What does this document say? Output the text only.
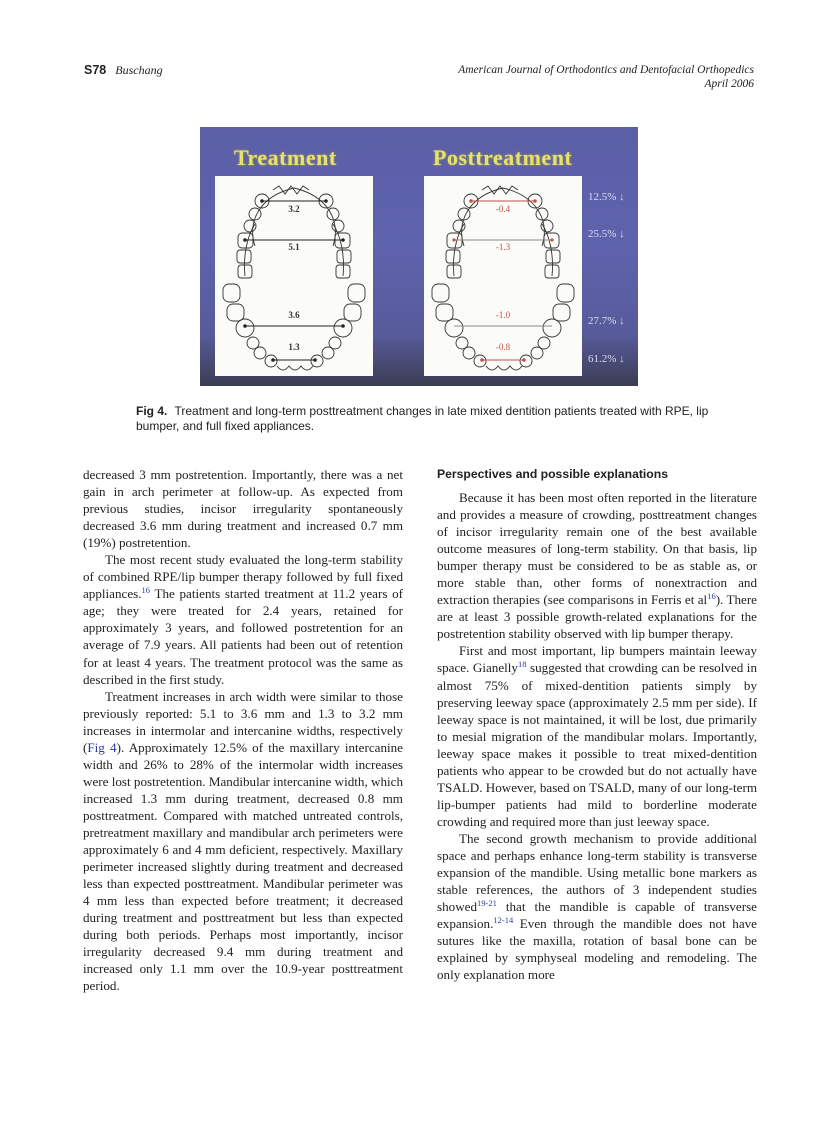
S78 Buschang	American Journal of Orthodontics and Dentofacial Orthopedics
April 2006
Treatment	Posttreatment
3.2
5.1
3.6
1.3
-0.4
-1.3
-1.0
-0.8
12.5% ↓
25.5% ↓
27.7% ↓
61.2% ↓
Fig 4. Treatment and long-term posttreatment changes in late mixed dentition patients treated with RPE, lip bumper, and full fixed appliances.

decreased 3 mm postretention. Importantly, there was a net gain in arch perimeter at follow-up. As expected from previous studies, incisor irregularity spontaneously decreased 3.6 mm during treatment and increased 0.7 mm (19%) postretention.

The most recent study evaluated the long-term stability of combined RPE/lip bumper therapy followed by full fixed appliances.$^{16}$ The patients started treatment at 11.2 years of age; they were treated for 2.4 years, retained for approximately 3 years, and followed postretention for an average of 7.9 years. All patients had been out of retention for at least 4 years. The treatment protocol was the same as described in the first study.

Treatment increases in arch width were similar to those previously reported: 5.1 to 3.6 mm and 1.3 to 3.2 mm increases in intermolar and intercanine widths, respectively (Fig 4). Approximately 12.5% of the maxillary intercanine width and 26% to 28% of the intermolar width increases were lost postretention. Mandibular intercanine width, which increased 1.3 mm during treatment, decreased 0.8 mm posttreatment. Compared with matched untreated controls, pretreatment maxillary and mandibular arch perimeters were approximately 6 and 4 mm deficient, respectively. Maxillary perimeter increased slightly during treatment and decreased less than expected posttreatment. Mandibular perimeter was 4 mm less than expected before treatment; it decreased during treatment and posttreatment but less than expected during both periods. Perhaps most importantly, incisor irregularity decreased 9.4 mm during treatment and increased only 1.1 mm over the 10.9-year posttreatment period.

Perspectives and possible explanations

Because it has been most often reported in the literature and provides a measure of crowding, posttreatment changes of incisor irregularity remain one of the best available outcome measures of long-term stability. On that basis, lip bumper therapy must be considered to be as stable as, or more stable than, other forms of nonextraction and extraction therapies (see comparisons in Ferris et al$^{16}$). There are at least 3 possible growth-related explanations for the postretention stability observed with lip bumper therapy.

First and most important, lip bumpers maintain leeway space. Gianelly$^{18}$ suggested that crowding can be resolved in almost 75% of mixed-dentition patients simply by preserving leeway space (approximately 2.5 mm per side). If leeway space is not maintained, it will be lost, due primarily to mesial migration of the mandibular molars. Importantly, leeway space makes it possible to treat mixed-dentition patients who appear to be crowded but do not actually have TSALD. However, based on TSALD, many of our long-term lip-bumper patients had mild to borderline moderate crowding and required more than just leeway space.

The second growth mechanism to provide additional space and perhaps enhance long-term stability is transverse expansion of the mandible. Using metallic bone markers as stable references, the authors of 3 independent studies showed$^{19-21}$ that the mandible is capable of transverse expansion.$^{12-14}$ Even through the mandible does not have sutures like the maxilla, rotation of basal bone can be explained by symphyseal modeling and remodeling. The only explanation more
